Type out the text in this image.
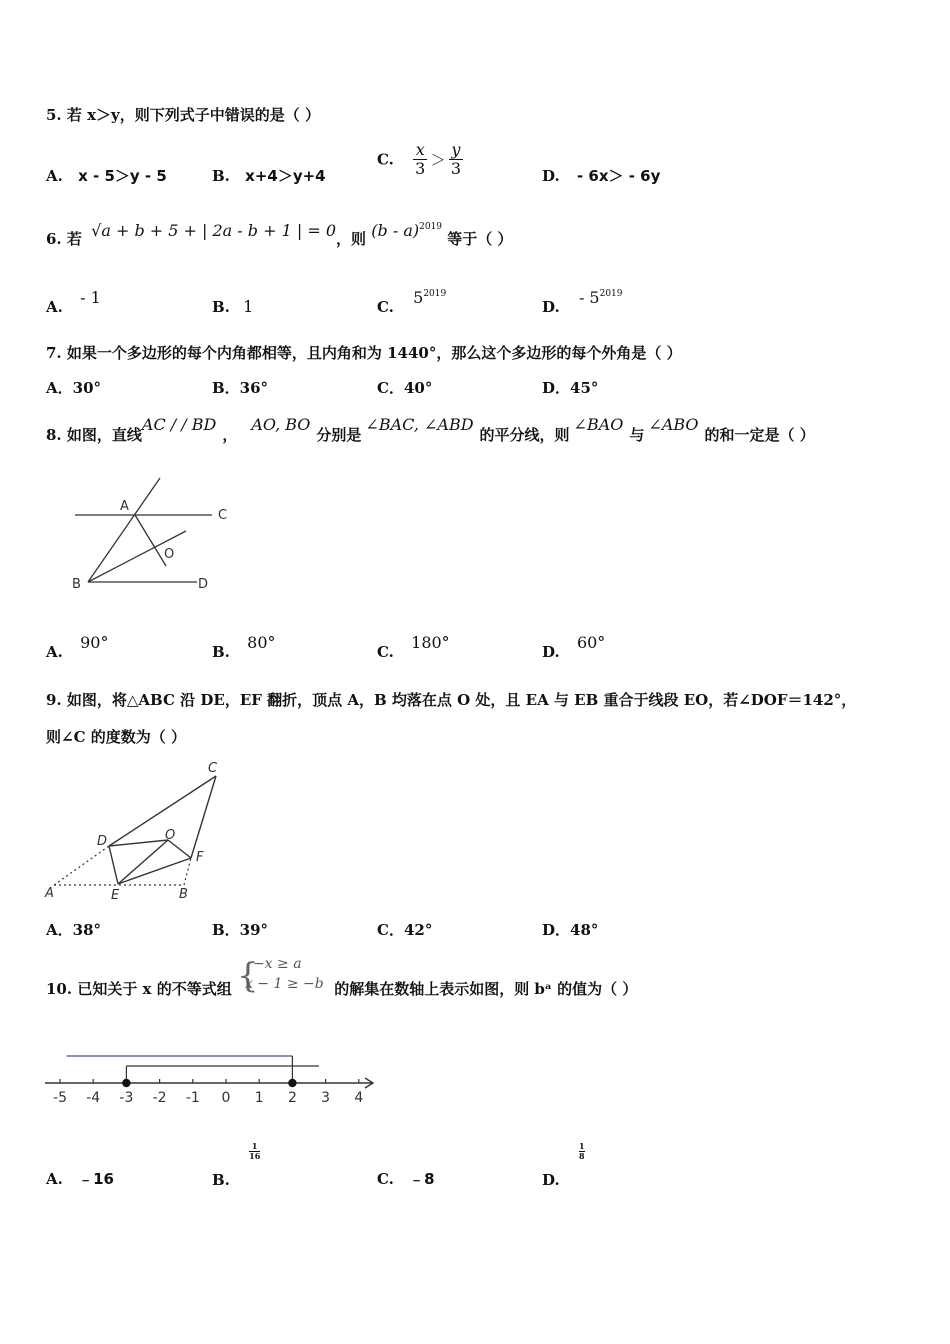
5. 若 x＞y，则下列式子中错误的是（ ）
A. x - 5＞y - 5	B. x+4＞y+4
C. $\frac{x}{3} > \frac{y}{3}$	D. - 6x＞ - 6y
6. 若 √a + b + 5 + | 2a - b + 1 | = 0，则 (b - a)$^{2019}$ 等于（ ）
A. - 1	B. 1	C. $5^{2019}$
D. - $5^{2019}$
7. 如果一个多边形的每个内角都相等，且内角和为 1440°，那么这个多边形的每个外角是（ ）
A．30°	B．36°	C．40°	D．45°
8. 如图，直线AC / / BD，AO, BO分别是∠BAC, ∠ABD的平分线，则∠BAO与∠ABO的和一定是（ ）
A
C
O
B	D
A. 90°	B. 80°	C. 180°	D. 60°
9. 如图，将△ABC 沿 DE，EF 翻折，顶点 A，B 均落在点 O 处，且 EA 与 EB 重合于线段 EO，若∠DOF＝142°，
则∠C 的度数为（ ）
C
D	O
F
A	E	B
A．38°	B．39°	C．42°	D．48°
10. 已知关于 x 的不等式组 {
−x ≥ a
x − 1 ≥ −b 的解集在数轴上表示如图，则 bᵃ 的值为（ ）
-5 -4 -3 -2 -1 0 1 2 3 4
A. ﹣16	B.
$\frac{1}{16}$
C. ﹣8	D.
$\frac{1}{8}$
